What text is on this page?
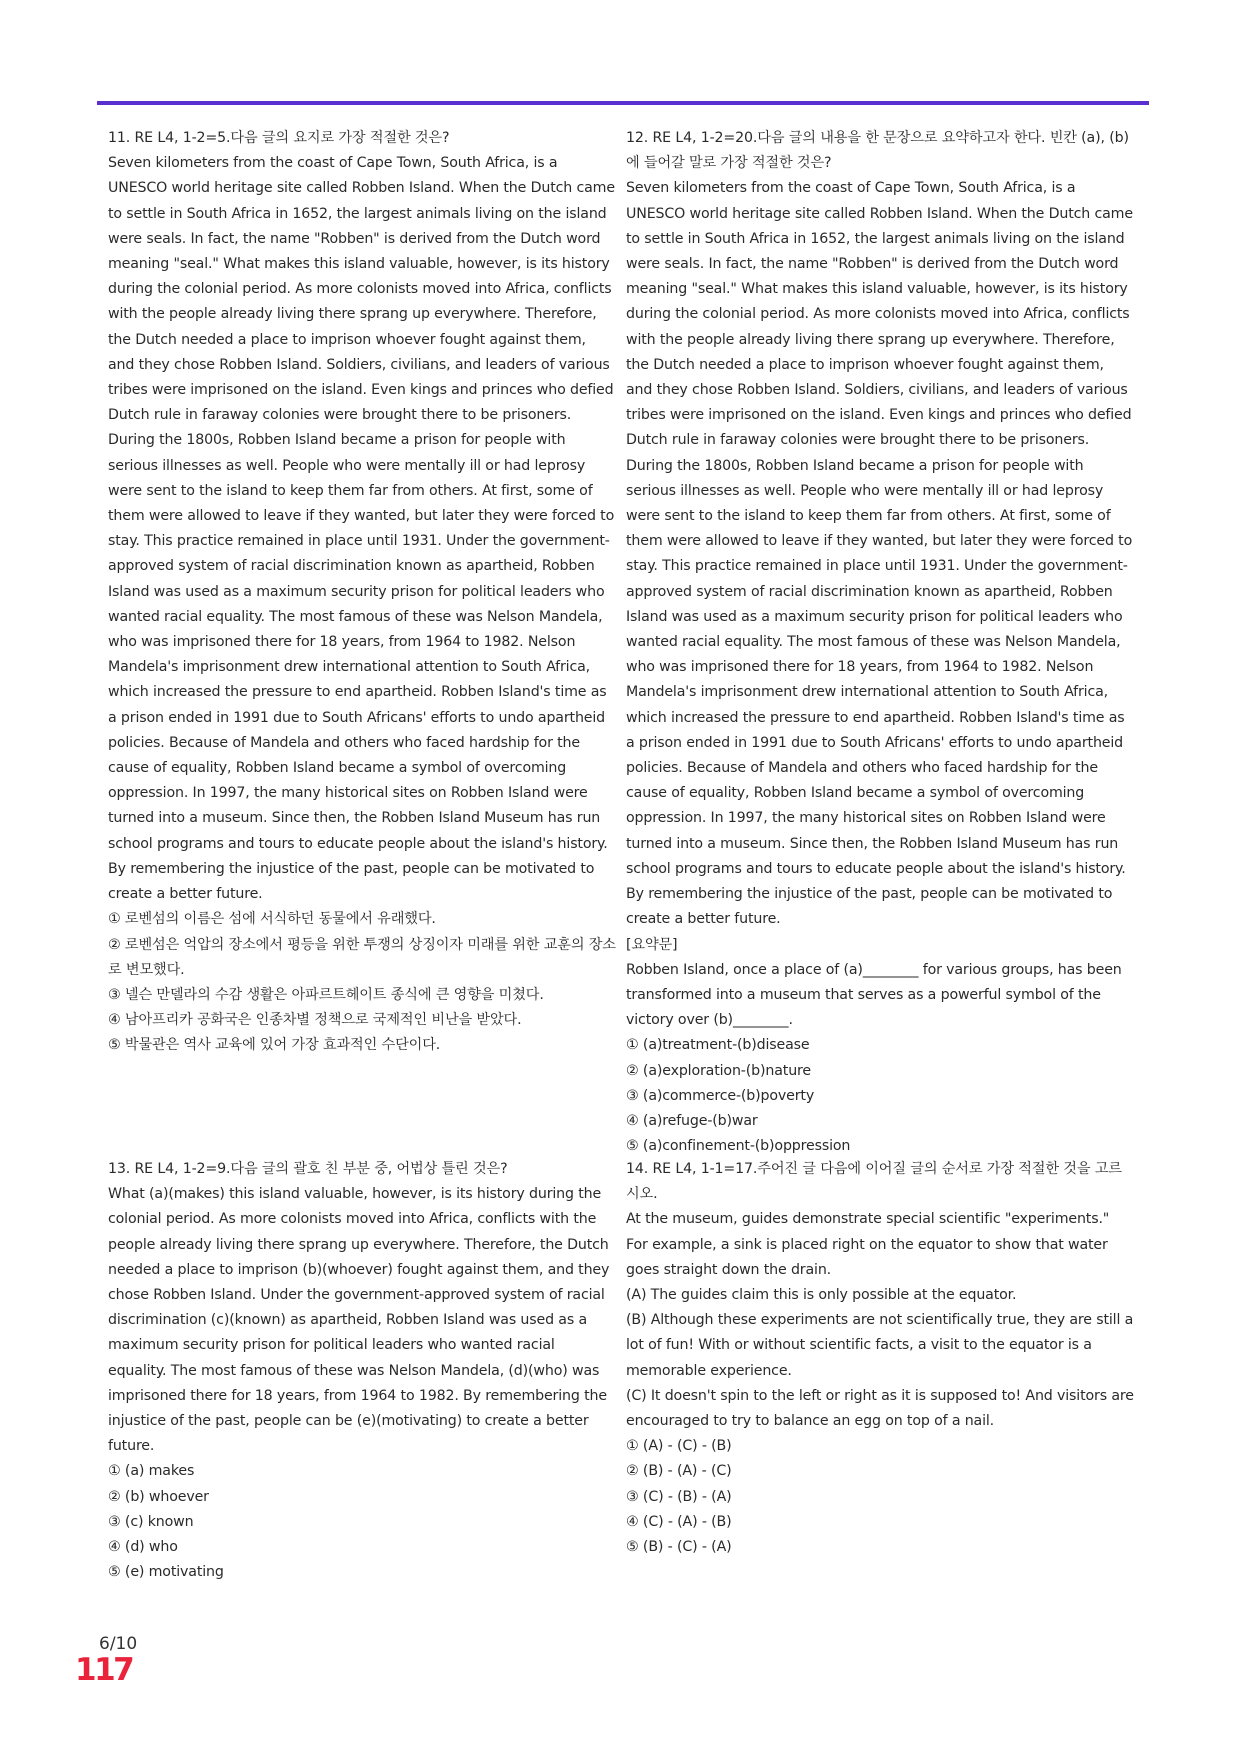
11. RE L4, 1-2=5.다음 글의 요지로 가장 적절한 것은?

Seven kilometers from the coast of Cape Town, South Africa, is a UNESCO world heritage site called Robben Island. When the Dutch came to settle in South Africa in 1652, the largest animals living on the island were seals. In fact, the name "Robben" is derived from the Dutch word meaning "seal." What makes this island valuable, however, is its history during the colonial period. As more colonists moved into Africa, conflicts with the people already living there sprang up everywhere. Therefore, the Dutch needed a place to imprison whoever fought against them, and they chose Robben Island. Soldiers, civilians, and leaders of various tribes were imprisoned on the island. Even kings and princes who defied Dutch rule in faraway colonies were brought there to be prisoners. During the 1800s, Robben Island became a prison for people with serious illnesses as well. People who were mentally ill or had leprosy were sent to the island to keep them far from others. At first, some of them were allowed to leave if they wanted, but later they were forced to stay. This practice remained in place until 1931. Under the government-approved system of racial discrimination known as apartheid, Robben Island was used as a maximum security prison for political leaders who wanted racial equality. The most famous of these was Nelson Mandela, who was imprisoned there for 18 years, from 1964 to 1982. Nelson Mandela's imprisonment drew international attention to South Africa, which increased the pressure to end apartheid. Robben Island's time as a prison ended in 1991 due to South Africans' efforts to undo apartheid policies. Because of Mandela and others who faced hardship for the cause of equality, Robben Island became a symbol of overcoming oppression. In 1997, the many historical sites on Robben Island were turned into a museum. Since then, the Robben Island Museum has run school programs and tours to educate people about the island's history. By remembering the injustice of the past, people can be motivated to create a better future.

① 로벤섬의 이름은 섬에 서식하던 동물에서 유래했다.
② 로벤섬은 억압의 장소에서 평등을 위한 투쟁의 상징이자 미래를 위한 교훈의 장소로 변모했다.
③ 넬슨 만델라의 수감 생활은 아파르트헤이트 종식에 큰 영향을 미쳤다.
④ 남아프리카 공화국은 인종차별 정책으로 국제적인 비난을 받았다.
⑤ 박물관은 역사 교육에 있어 가장 효과적인 수단이다.

12. RE L4, 1-2=20.다음 글의 내용을 한 문장으로 요약하고자 한다. 빈칸 (a), (b)에 들어갈 말로 가장 적절한 것은?

Seven kilometers from the coast of Cape Town, South Africa, is a UNESCO world heritage site called Robben Island. When the Dutch came to settle in South Africa in 1652, the largest animals living on the island were seals. In fact, the name "Robben" is derived from the Dutch word meaning "seal." What makes this island valuable, however, is its history during the colonial period. As more colonists moved into Africa, conflicts with the people already living there sprang up everywhere. Therefore, the Dutch needed a place to imprison whoever fought against them, and they chose Robben Island. Soldiers, civilians, and leaders of various tribes were imprisoned on the island. Even kings and princes who defied Dutch rule in faraway colonies were brought there to be prisoners. During the 1800s, Robben Island became a prison for people with serious illnesses as well. People who were mentally ill or had leprosy were sent to the island to keep them far from others. At first, some of them were allowed to leave if they wanted, but later they were forced to stay. This practice remained in place until 1931. Under the government-approved system of racial discrimination known as apartheid, Robben Island was used as a maximum security prison for political leaders who wanted racial equality. The most famous of these was Nelson Mandela, who was imprisoned there for 18 years, from 1964 to 1982. Nelson Mandela's imprisonment drew international attention to South Africa, which increased the pressure to end apartheid. Robben Island's time as a prison ended in 1991 due to South Africans' efforts to undo apartheid policies. Because of Mandela and others who faced hardship for the cause of equality, Robben Island became a symbol of overcoming oppression. In 1997, the many historical sites on Robben Island were turned into a museum. Since then, the Robben Island Museum has run school programs and tours to educate people about the island's history. By remembering the injustice of the past, people can be motivated to create a better future.

[요약문]

Robben Island, once a place of (a)________ for various groups, has been transformed into a museum that serves as a powerful symbol of the victory over (b)________.

① (a)treatment-(b)disease
② (a)exploration-(b)nature
③ (a)commerce-(b)poverty
④ (a)refuge-(b)war
⑤ (a)confinement-(b)oppression

13. RE L4, 1-2=9.다음 글의 괄호 친 부분 중, 어법상 틀린 것은?

What (a)(makes) this island valuable, however, is its history during the colonial period. As more colonists moved into Africa, conflicts with the people already living there sprang up everywhere. Therefore, the Dutch needed a place to imprison (b)(whoever) fought against them, and they chose Robben Island. Under the government-approved system of racial discrimination (c)(known) as apartheid, Robben Island was used as a maximum security prison for political leaders who wanted racial equality. The most famous of these was Nelson Mandela, (d)(who) was imprisoned there for 18 years, from 1964 to 1982. By remembering the injustice of the past, people can be (e)(motivating) to create a better future.

① (a) makes
② (b) whoever
③ (c) known
④ (d) who
⑤ (e) motivating

14. RE L4, 1-1=17.주어진 글 다음에 이어질 글의 순서로 가장 적절한 것을 고르시오.

At the museum, guides demonstrate special scientific "experiments." For example, a sink is placed right on the equator to show that water goes straight down the drain.

(A) The guides claim this is only possible at the equator.

(B) Although these experiments are not scientifically true, they are still a lot of fun! With or without scientific facts, a visit to the equator is a memorable experience.

(C) It doesn't spin to the left or right as it is supposed to! And visitors are encouraged to try to balance an egg on top of a nail.

① (A) - (C) - (B)
② (B) - (A) - (C)
③ (C) - (B) - (A)
④ (C) - (A) - (B)
⑤ (B) - (C) - (A)
6/10
117
